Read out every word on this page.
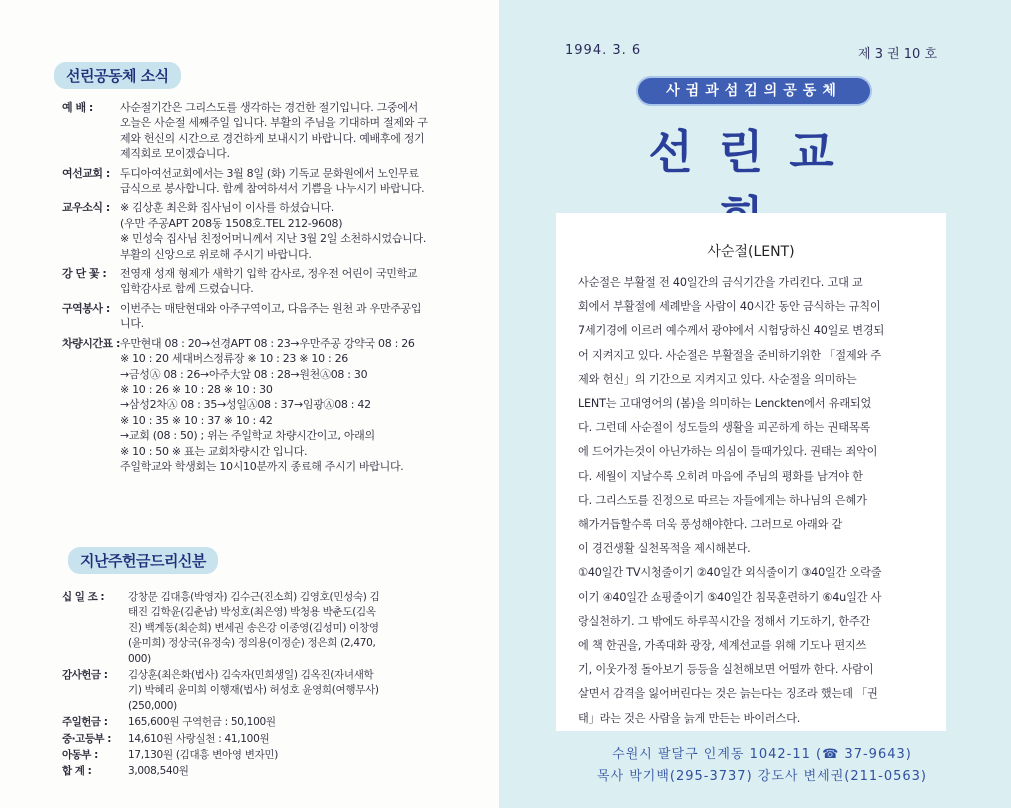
선린공동체 소식
예 배 :	사순절기간은 그리스도를 생각하는 경건한 절기입니다. 그중에서
오늘은 사순절 세째주일 입니다. 부활의 주님을 기대하며 절제와 구
제와 헌신의 시간으로 경건하게 보내시기 바랍니다. 예배후에 정기
제직회로 모이겠습니다.
여선교회 : 두디아여선교회에서는 3월 8일 (화) 기독교 문화원에서 노인무료
급식으로 봉사합니다. 함께 참여하셔서 기쁨을 나누시기 바랍니다.
교우소식 : ※ 김상훈 최은화 집사님이 이사를 하셨습니다.
(우만 주공APT 208동 1508호.TEL 212-9608)
※ 민성숙 집사님 친정어머니께서 지난 3월 2일 소천하시었습니다.
부활의 신앙으로 위로해 주시기 바랍니다.
강 단 꽃 :	전영재 성재 형제가 새학기 입학 감사로, 정우전 어린이 국민학교
입학감사로 함께 드렸습니다.
구역봉사 : 이번주는 매탄현대와 아주구역이고, 다음주는 원천 과 우만주공입
니다.
차량시간표 : 우만현대 08 : 20→선경APT 08 : 23→우만주공 강약국 08 : 26
※ 10 : 20 세대버스정류장 ※ 10 : 23 ※ 10 : 26
→금성Ⓐ 08 : 26→아주大앞 08 : 28→원천Ⓐ08 : 30
※ 10 : 26 ※ 10 : 28 ※ 10 : 30
→삼성2차Ⓐ 08 : 35→성일Ⓐ08 : 37→임광Ⓐ08 : 42
※ 10 : 35 ※ 10 : 37 ※ 10 : 42
→교회 (08 : 50) ; 위는 주일학교 차량시간이고, 아래의
※ 10 : 50 ※ 표는 교회차량시간 입니다.
주일학교와 학생회는 10시10분까지 종료해 주시기 바랍니다.
지난주헌금드리신분
십 일 조 :	강창문 김대흥(박영자) 김수근(진소희) 김영호(민성숙) 김
태진 김학윤(김춘남) 박성호(최은영) 박청용 박춘도(김옥
진) 백계동(최순희) 변세권 송은강 이종영(김성미) 이창영
(윤미희) 정상국(유정숙) 정의용(이정순) 정은희 (2,470,
000)
감사헌금 :	김상훈(최은화(법사) 김숙자(민희생일) 김옥진(자녀새학
기) 박혜리 윤미희 이행재(법사) 허성호 윤영희(여행무사)
(250,000)
주일헌금 :	165,600원 구역헌금 : 50,100원
중·고등부 :	14,610원 사랑실천 : 41,100원
아동부 :	17,130원 (김대흥 변아영 변자민)
합 계 :	3,008,540원
1994. 3. 6	제 3 권 10 호
사귐과섬김의공동체
선린교
사순절(LENT)
사순절은 부활절 전 40일간의 금식기간을 가리킨다. 고대 교
회에서 부활절에 세례받을 사람이 40시간 동안 금식하는 규칙이
7세기경에 이르러 예수께서 광야에서 시험당하신 40일로 변경되
어 지켜지고 있다. 사순절은 부활절을 준비하기위한 「절제와 주
제와 헌신」의 기간으로 지켜지고 있다. 사순절을 의미하는
LENT는 고대영어의 (봄)을 의미하는 Lenckten에서 유래되었
다. 그런데 사순절이 성도들의 생활을 피곤하게 하는 권태목록
에 드어가는것이 아닌가하는 의심이 들때가있다. 권태는 죄악이
다. 세월이 지날수록 오히려 마음에 주님의 평화를 남겨야 한
다. 그리스도를 진정으로 따르는 자들에게는 하나님의 은혜가
해가거듭할수록 더욱 풍성해야한다. 그러므로 아래와 같
이 경건생활 실천목적을 제시해본다.
①40일간 TV시청줄이기 ②40일간 외식줄이기 ③40일간 오락줄
이기 ④40일간 쇼핑줄이기 ⑤40일간 침묵훈련하기 ⑥4u일간 사
랑실천하기. 그 밖에도 하루꼭시간을 정해서 기도하기, 한주간
에 책 한권을, 가족대화 광장, 세계선교를 위해 기도나 편지쓰
기, 이웃가정 돌아보기 등등을 실천해보면 어떨까 한다. 사람이
살면서 감격을 잃어버린다는 것은 늙는다는 징조라 했는데 「권
태」라는 것은 사람을 늙게 만든는 바이러스다.
수원시 팔달구 인계동 1042-11 (☎ 37-9643)
목사 박기백(295-3737) 강도사 변세권(211-0563)
